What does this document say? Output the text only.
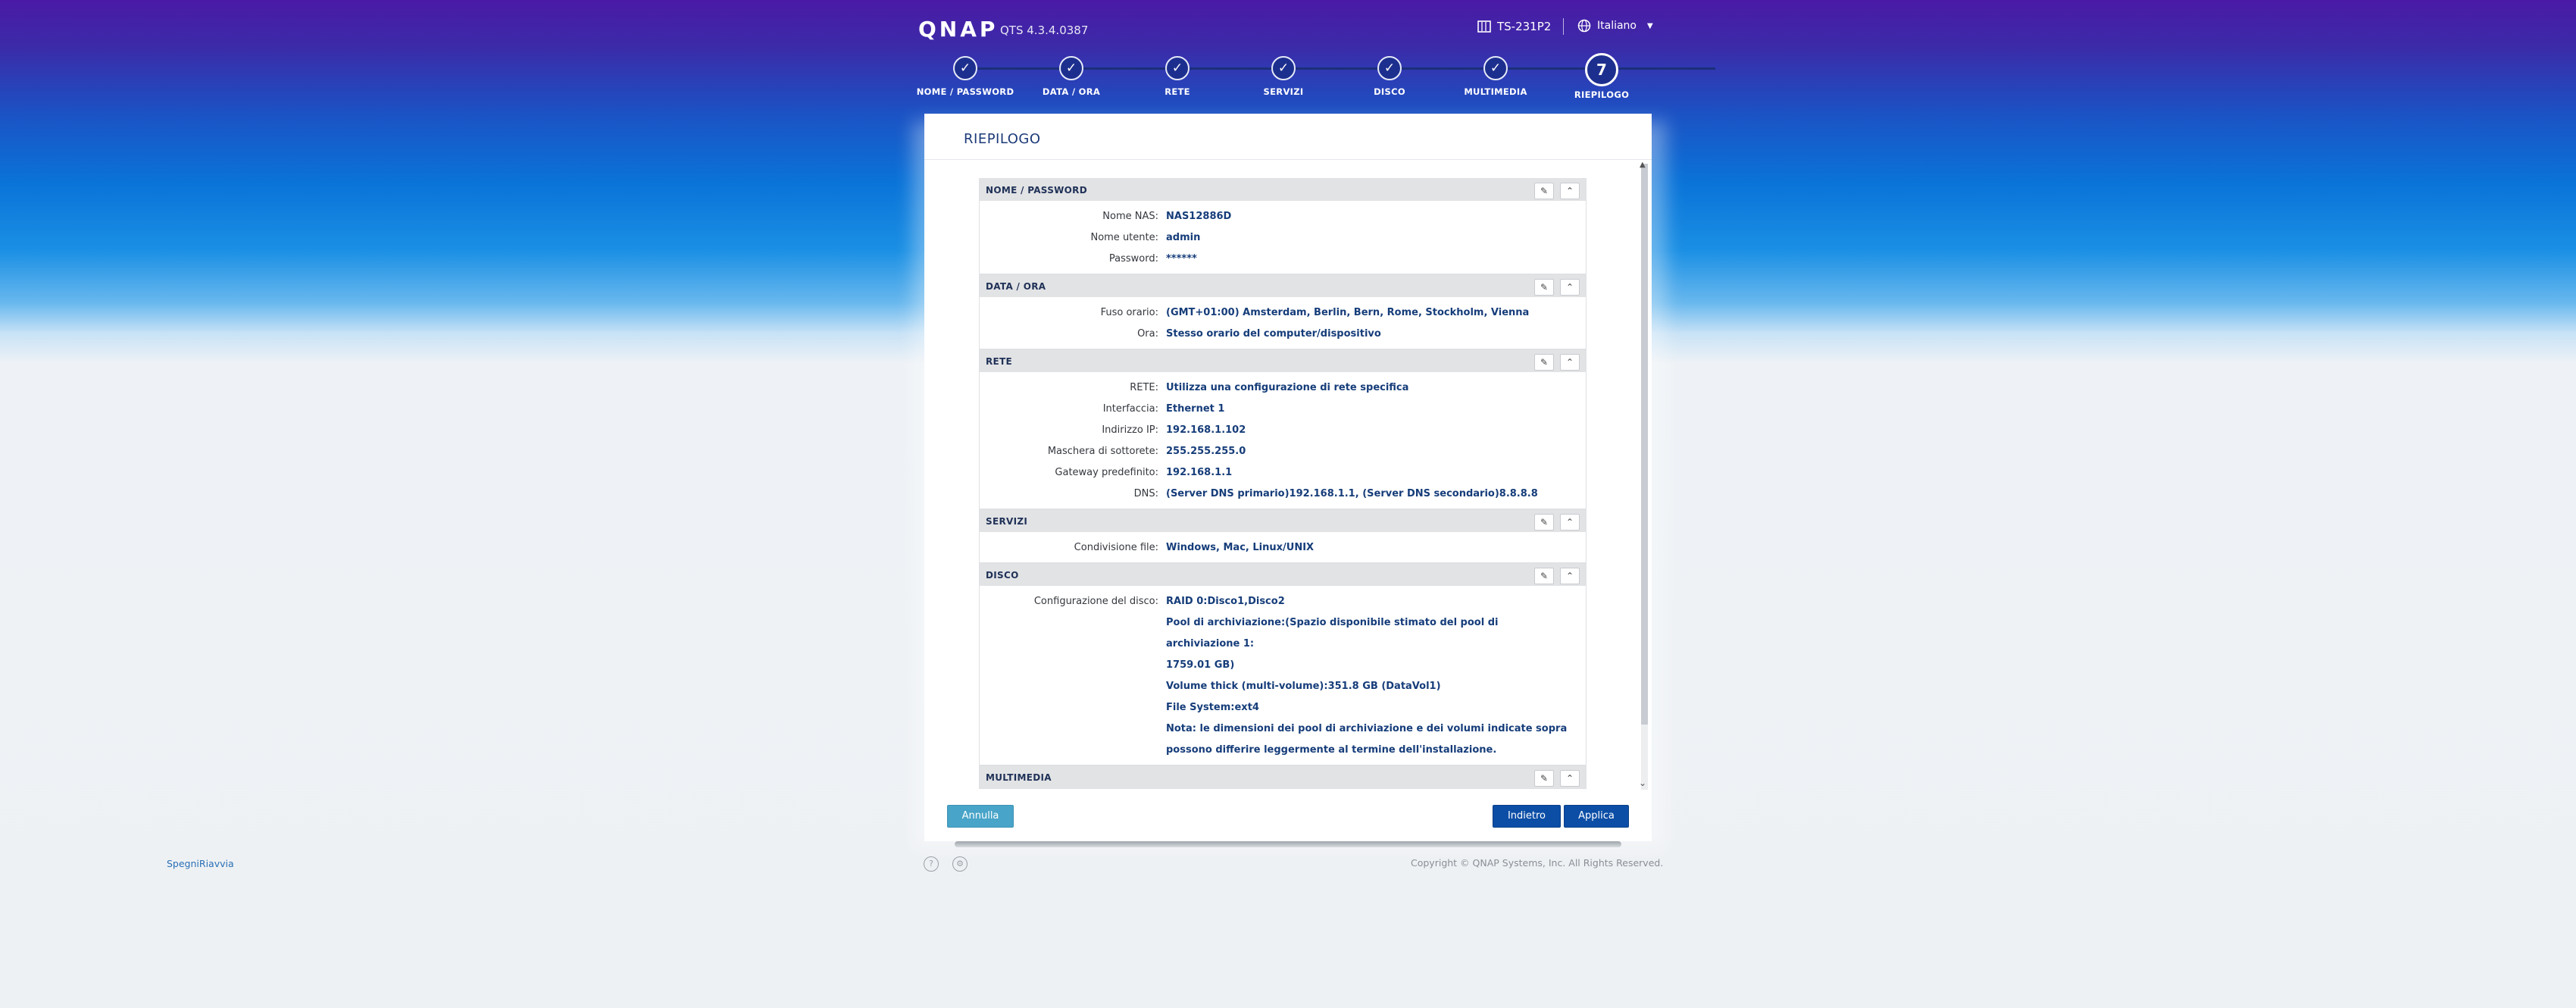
QNAP QTS 4.3.4.0387	TS-231P2	Italiano ▼
✓
NOME / PASSWORD
✓
DATA / ORA
✓
RETE
✓
SERVIZI
✓
DISCO
✓
MULTIMEDIA
7
RIEPILOGO
RIEPILOGO
NOME / PASSWORD	✎	⌃
Nome NAS: NAS12886D
Nome utente: admin
Password: ******
DATA / ORA	✎	⌃
Fuso orario: (GMT+01:00) Amsterdam, Berlin, Bern, Rome, Stockholm, Vienna
Ora: Stesso orario del computer/dispositivo
RETE	✎	⌃
RETE: Utilizza una configurazione di rete specifica
Interfaccia: Ethernet 1
Indirizzo IP: 192.168.1.102
Maschera di sottorete: 255.255.255.0
Gateway predefinito: 192.168.1.1
DNS: (Server DNS primario)192.168.1.1, (Server DNS secondario)8.8.8.8
SERVIZI	✎	⌃
Condivisione file: Windows, Mac, Linux/UNIX
DISCO	✎	⌃
Configurazione del disco: RAID 0:Disco1,Disco2
Pool di archiviazione:(Spazio disponibile stimato del pool di archiviazione 1:
1759.01 GB)
Volume thick (multi-volume):351.8 GB (DataVol1)
File System:ext4
Nota: le dimensioni dei pool di archiviazione e dei volumi indicate sopra
possono differire leggermente al termine dell'installazione.
MULTIMEDIA	✎	⌃
▲
⌄
Annulla	Indietro	Applica
?	⚙	Copyright © QNAP Systems, Inc. All Rights Reserved.
SpegniRiavvia
